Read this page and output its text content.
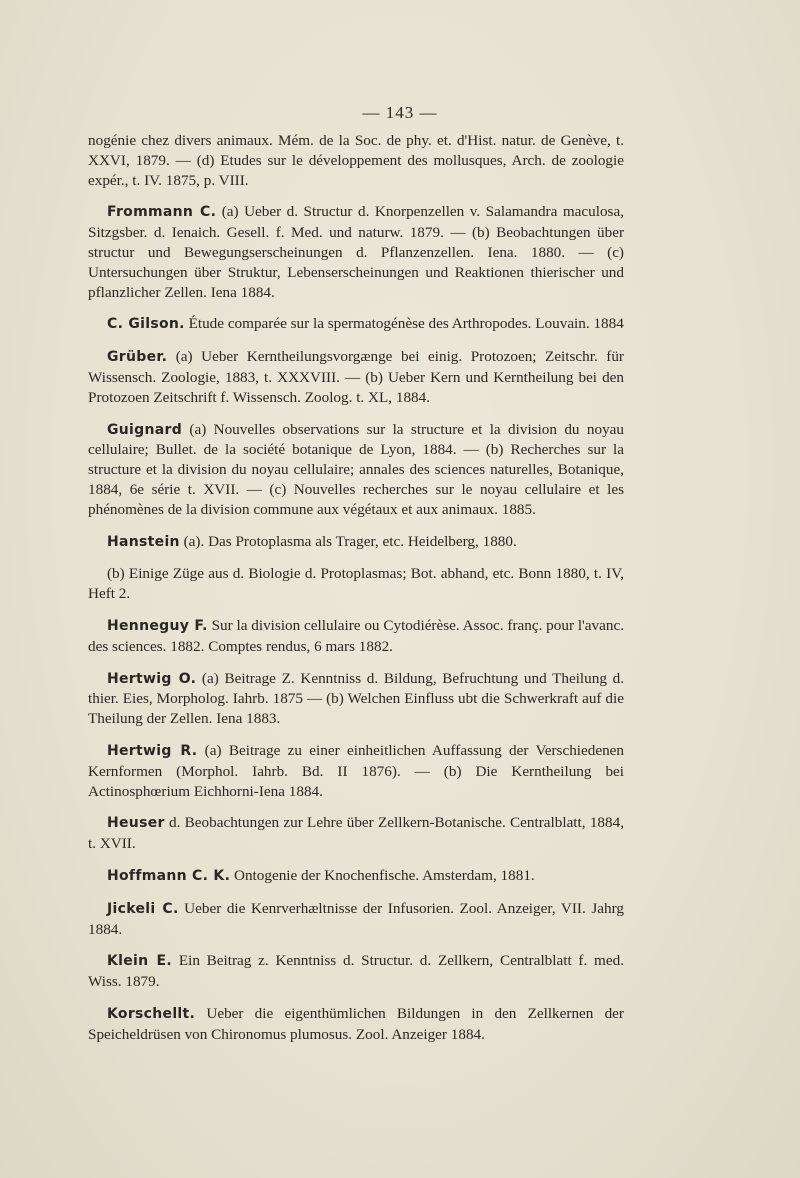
— 143 —

nogénie chez divers animaux. Mém. de la Soc. de phy. et. d'Hist. natur. de Genève, t. XXVI, 1879. — (d) Etudes sur le développement des mollusques, Arch. de zoologie expér., t. IV. 1875, p. VIII.

Frommann C. (a) Ueber d. Structur d. Knorpenzellen v. Salamandra maculosa, Sitzgsber. d. Ienaich. Gesell. f. Med. und naturw. 1879. — (b) Beobachtungen über structur und Bewegungserscheinungen d. Pflanzenzellen. Iena. 1880. — (c) Untersuchungen über Struktur, Lebenserscheinungen und Reaktionen thierischer und pflanzlicher Zellen. Iena 1884.

C. Gilson. Étude comparée sur la spermatogénèse des Arthropodes. Louvain. 1884

Grüber. (a) Ueber Kerntheilungsvorgænge bei einig. Protozoen; Zeitschr. für Wissensch. Zoologie, 1883, t. XXXVIII. — (b) Ueber Kern und Kerntheilung bei den Protozoen Zeitschrift f. Wissensch. Zoolog. t. XL, 1884.

Guignard (a) Nouvelles observations sur la structure et la division du noyau cellulaire; Bullet. de la société botanique de Lyon, 1884. — (b) Recherches sur la structure et la division du noyau cellulaire; annales des sciences naturelles, Botanique, 1884, 6e série t. XVII. — (c) Nouvelles recherches sur le noyau cellulaire et les phénomènes de la division commune aux végétaux et aux animaux. 1885.

Hanstein (a). Das Protoplasma als Trager, etc. Heidelberg, 1880.

(b) Einige Züge aus d. Biologie d. Protoplasmas; Bot. abhand, etc. Bonn 1880, t. IV, Heft 2.

Henneguy F. Sur la division cellulaire ou Cytodiérèse. Assoc. franç. pour l'avanc. des sciences. 1882. Comptes rendus, 6 mars 1882.

Hertwig O. (a) Beitrage Z. Kenntniss d. Bildung, Befruchtung und Theilung d. thier. Eies, Morpholog. Iahrb. 1875 — (b) Welchen Einfluss ubt die Schwerkraft auf die Theilung der Zellen. Iena 1883.

Hertwig R. (a) Beitrage zu einer einheitlichen Auffassung der Verschiedenen Kernformen (Morphol. Iahrb. Bd. II 1876). — (b) Die Kerntheilung bei Actinosphœrium Eichhorni-Iena 1884.

Heuser d. Beobachtungen zur Lehre über Zellkern-Botanische. Centralblatt, 1884, t. XVII.

Hoffmann C. K. Ontogenie der Knochenfische. Amsterdam, 1881.

Jickeli C. Ueber die Kenrverhæltnisse der Infusorien. Zool. Anzeiger, VII. Jahrg 1884.

Klein E. Ein Beitrag z. Kenntniss d. Structur. d. Zellkern, Centralblatt f. med. Wiss. 1879.

Korschellt. Ueber die eigenthümlichen Bildungen in den Zellkernen der Speicheldrüsen von Chironomus plumosus. Zool. Anzeiger 1884.
